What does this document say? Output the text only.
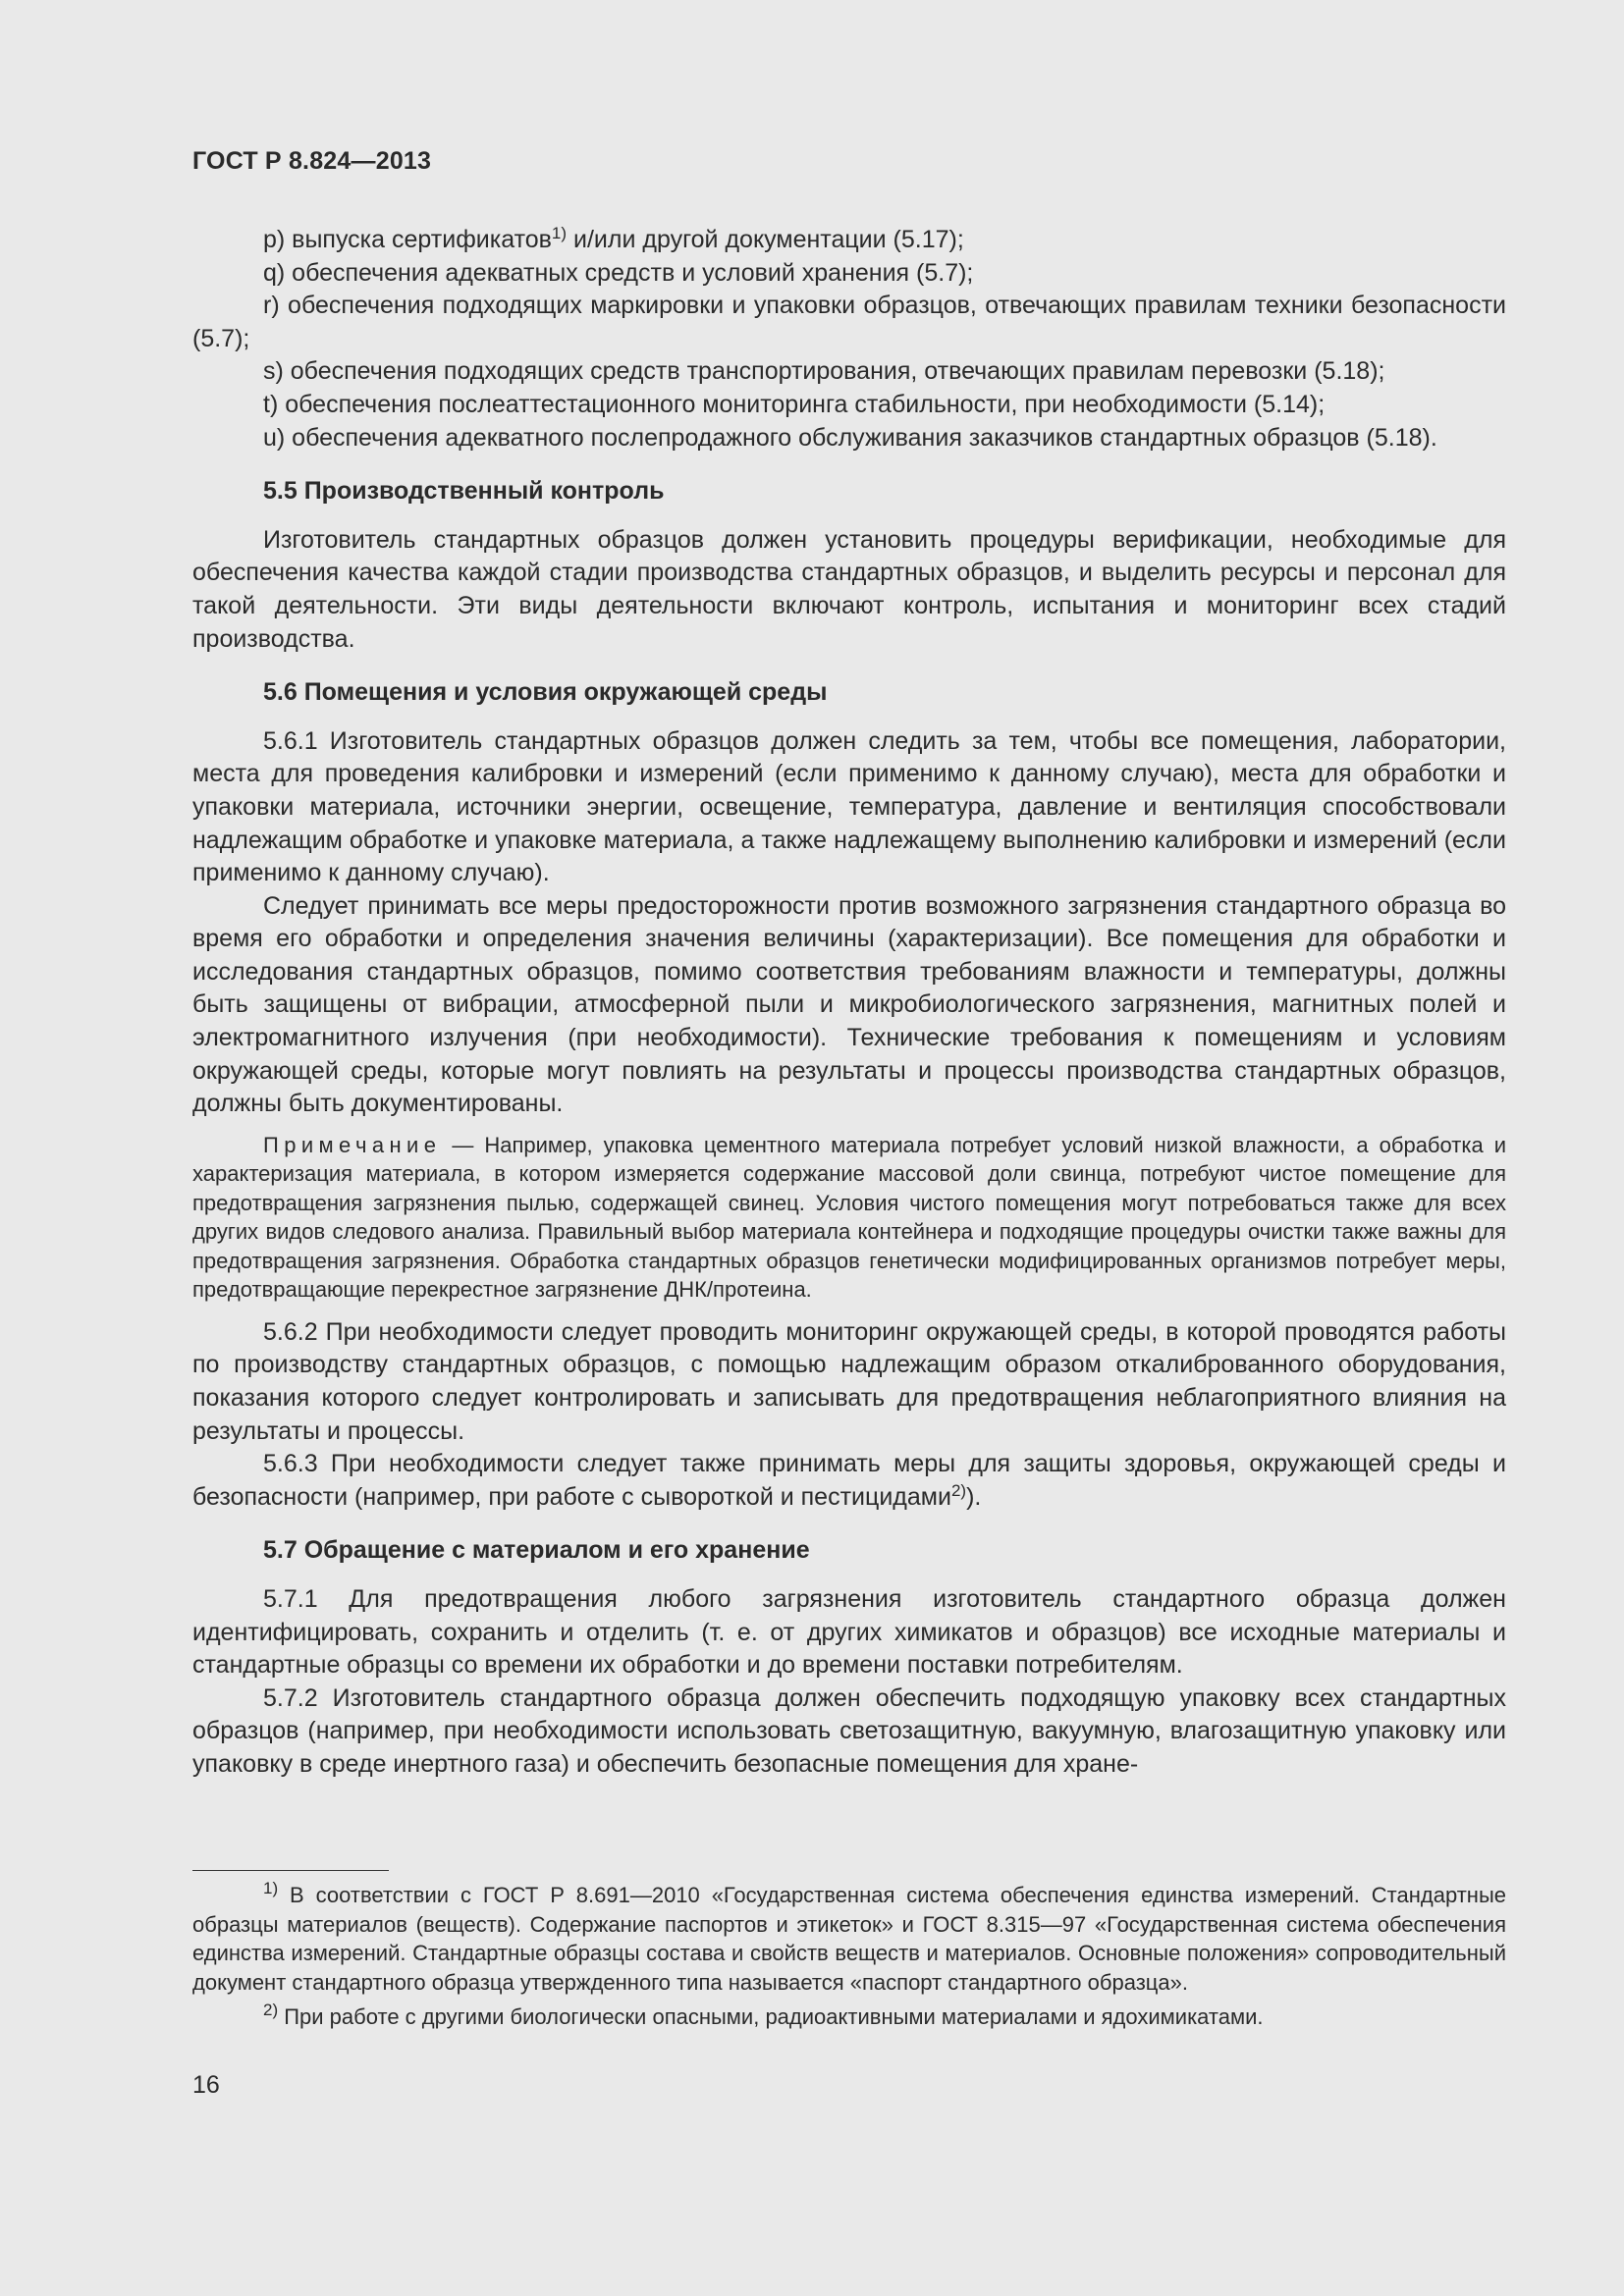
ГОСТ Р 8.824—2013

р) выпуска сертификатов$^{1)}$ и/или другой документации (5.17);

q) обеспечения адекватных средств и условий хранения (5.7);

r) обеспечения подходящих маркировки и упаковки образцов, отвечающих правилам техники безопасности (5.7);

s) обеспечения подходящих средств транспортирования, отвечающих правилам перевозки (5.18);

t) обеспечения послеаттестационного мониторинга стабильности, при необходимости (5.14);

u) обеспечения адекватного послепродажного обслуживания заказчиков стандартных образцов (5.18).

5.5 Производственный контроль

Изготовитель стандартных образцов должен установить процедуры верификации, необходимые для обеспечения качества каждой стадии производства стандартных образцов, и выделить ресурсы и персонал для такой деятельности. Эти виды деятельности включают контроль, испытания и мониторинг всех стадий производства.

5.6 Помещения и условия окружающей среды

5.6.1 Изготовитель стандартных образцов должен следить за тем, чтобы все помещения, лаборатории, места для проведения калибровки и измерений (если применимо к данному случаю), места для обработки и упаковки материала, источники энергии, освещение, температура, давление и вентиляция способствовали надлежащим обработке и упаковке материала, а также надлежащему выполнению калибровки и измерений (если применимо к данному случаю).

Следует принимать все меры предосторожности против возможного загрязнения стандартного образца во время его обработки и определения значения величины (характеризации). Все помещения для обработки и исследования стандартных образцов, помимо соответствия требованиям влажности и температуры, должны быть защищены от вибрации, атмосферной пыли и микробиологического загрязнения, магнитных полей и электромагнитного излучения (при необходимости). Технические требования к помещениям и условиям окружающей среды, которые могут повлиять на результаты и процессы производства стандартных образцов, должны быть документированы.

Примечание — Например, упаковка цементного материала потребует условий низкой влажности, а обработка и характеризация материала, в котором измеряется содержание массовой доли свинца, потребуют чистое помещение для предотвращения загрязнения пылью, содержащей свинец. Условия чистого помещения могут потребоваться также для всех других видов следового анализа. Правильный выбор материала контейнера и подходящие процедуры очистки также важны для предотвращения загрязнения. Обработка стандартных образцов генетически модифицированных организмов потребует меры, предотвращающие перекрестное загрязнение ДНК/протеина.

5.6.2 При необходимости следует проводить мониторинг окружающей среды, в которой проводятся работы по производству стандартных образцов, с помощью надлежащим образом откалиброванного оборудования, показания которого следует контролировать и записывать для предотвращения неблагоприятного влияния на результаты и процессы.

5.6.3 При необходимости следует также принимать меры для защиты здоровья, окружающей среды и безопасности (например, при работе с сывороткой и пестицидами$^{2)}$).

5.7 Обращение с материалом и его хранение

5.7.1 Для предотвращения любого загрязнения изготовитель стандартного образца должен идентифицировать, сохранить и отделить (т. е. от других химикатов и образцов) все исходные материалы и стандартные образцы со времени их обработки и до времени поставки потребителям.

5.7.2 Изготовитель стандартного образца должен обеспечить подходящую упаковку всех стандартных образцов (например, при необходимости использовать светозащитную, вакуумную, влагозащитную упаковку или упаковку в среде инертного газа) и обеспечить безопасные помещения для хране-

$^{1)}$ В соответствии с ГОСТ Р 8.691—2010 «Государственная система обеспечения единства измерений. Стандартные образцы материалов (веществ). Содержание паспортов и этикеток» и ГОСТ 8.315—97 «Государственная система обеспечения единства измерений. Стандартные образцы состава и свойств веществ и материалов. Основные положения» сопроводительный документ стандартного образца утвержденного типа называется «паспорт стандартного образца».

$^{2)}$ При работе с другими биологически опасными, радиоактивными материалами и ядохимикатами.

16
